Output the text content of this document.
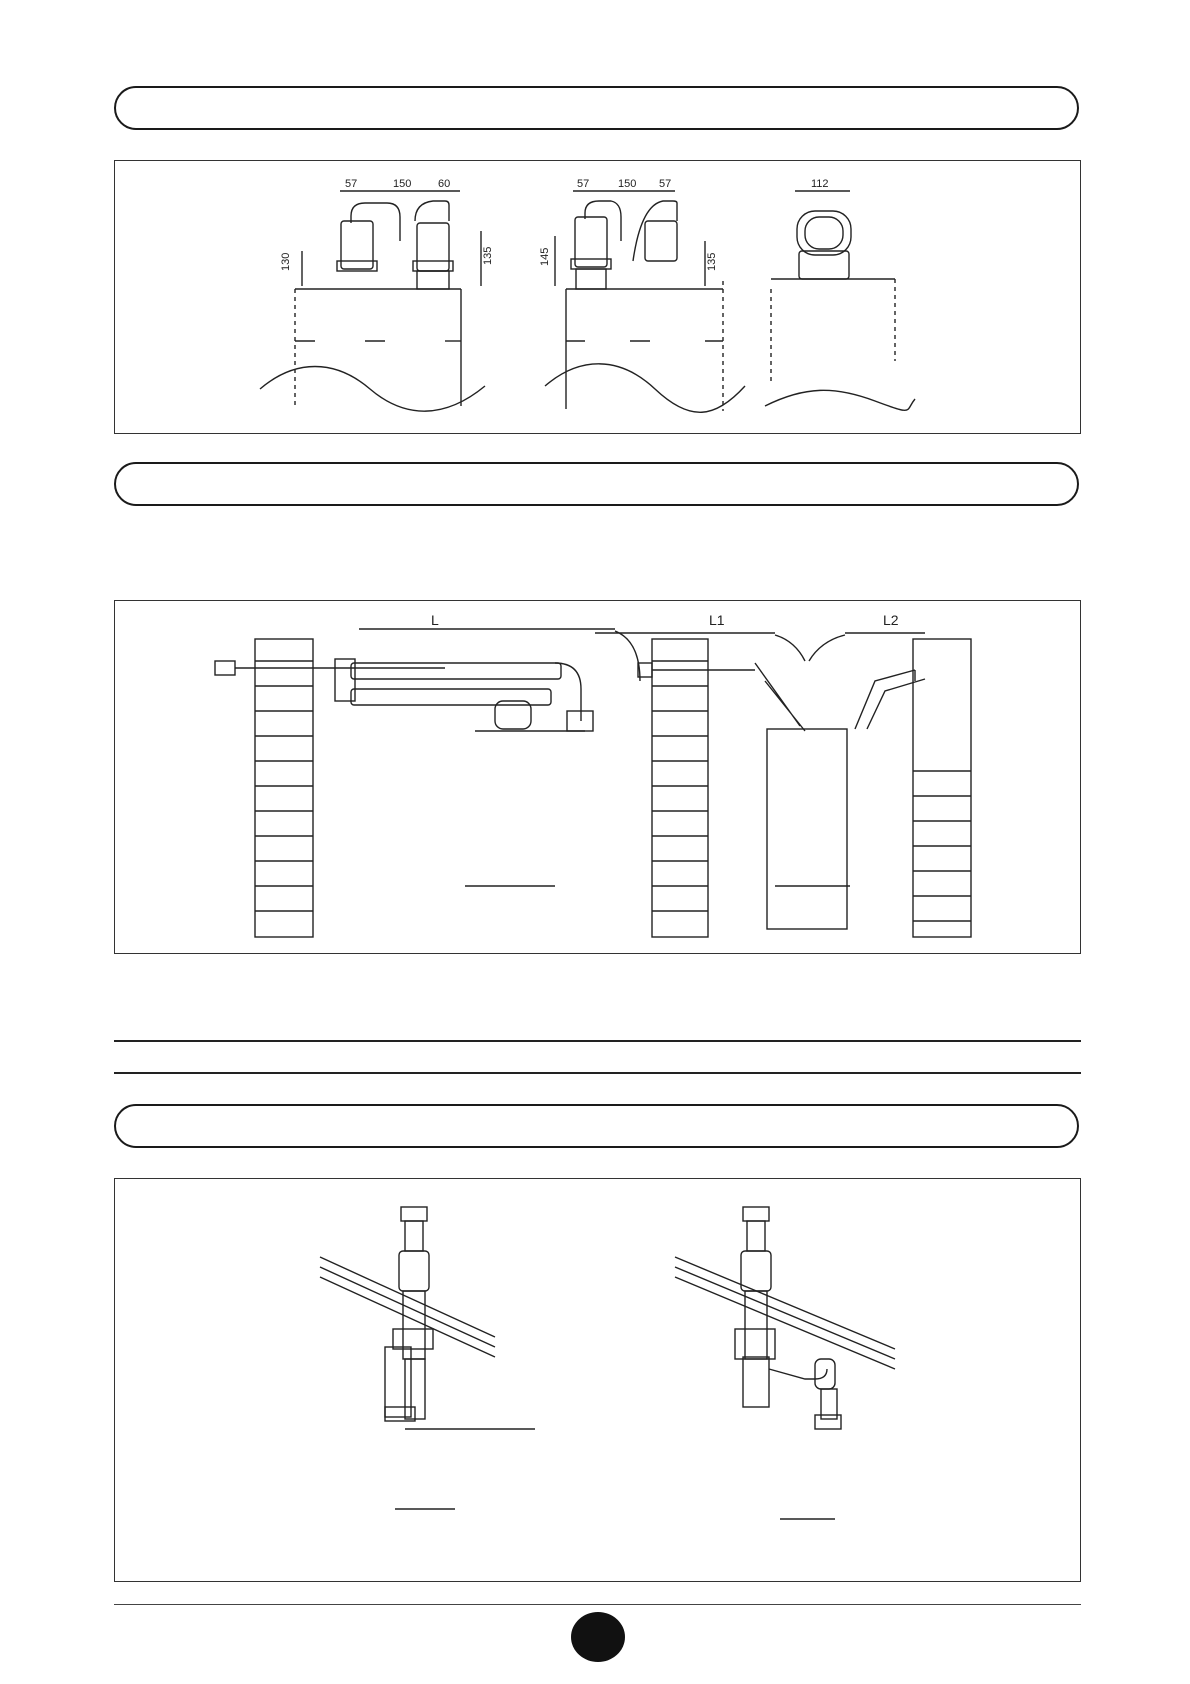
57	150 60
130	135
57	150 57
145	135
112
L	L1	L2
